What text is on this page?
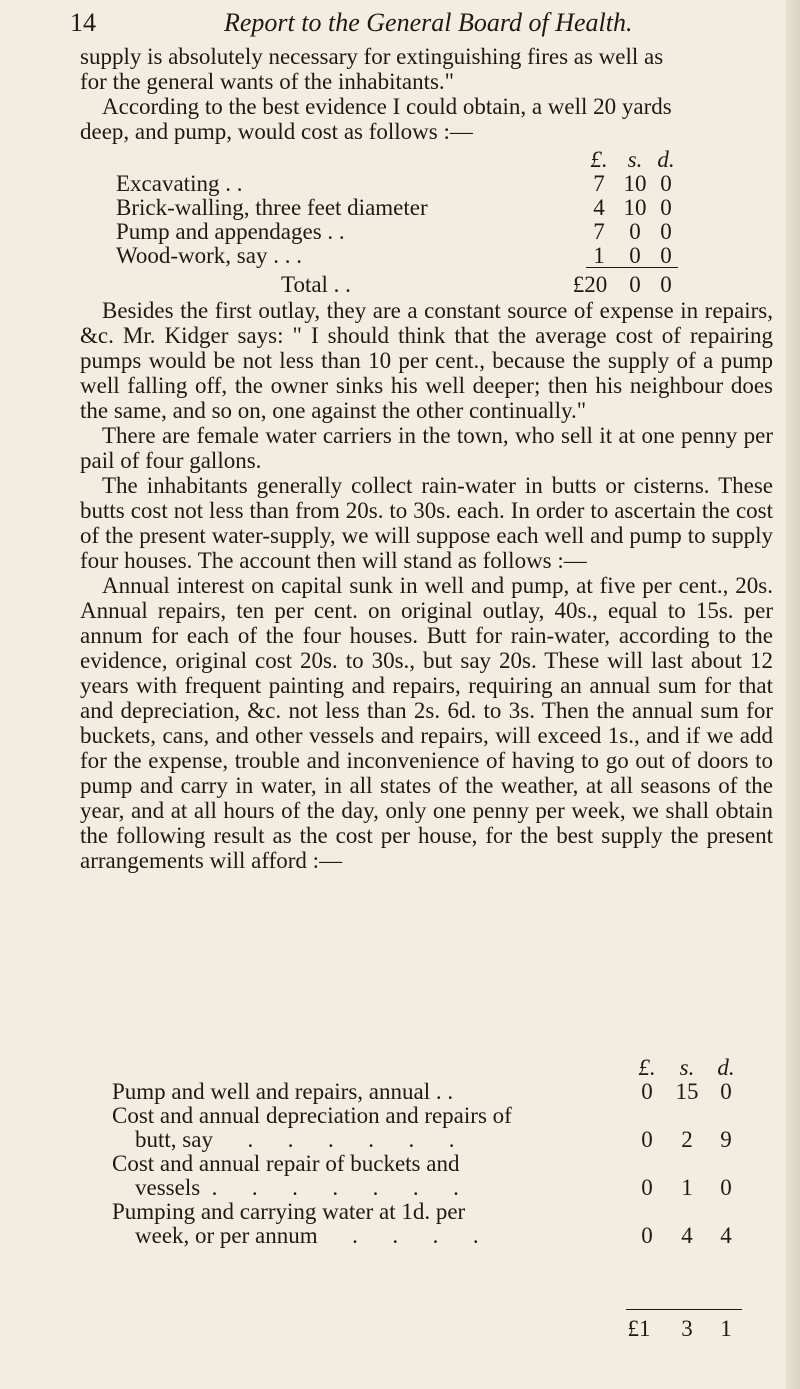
14	Report to the General Board of Health.

supply is absolutely necessary for extinguishing fires as well as

for the general wants of the inhabitants."

According to the best evidence I could obtain, a well 20 yards

deep, and pump, would cost as follows :—

£. s. d.
Excavating . .	7 10 0
Brick-walling, three feet diameter	4 10 0
Pump and appendages . .	7	0 0
Wood-work, say . . .	1	0 0
Total . .	£20 0 0

Besides the first outlay, they are a constant source of expense in repairs, &c. Mr. Kidger says: " I should think that the average cost of repairing pumps would be not less than 10 per cent., because the supply of a pump well falling off, the owner sinks his well deeper; then his neighbour does the same, and so on, one against the other continually."

There are female water carriers in the town, who sell it at one penny per pail of four gallons.

The inhabitants generally collect rain-water in butts or cisterns. These butts cost not less than from 20s. to 30s. each. In order to ascertain the cost of the present water-supply, we will suppose each well and pump to supply four houses. The account then will stand as follows :—

Annual interest on capital sunk in well and pump, at five per cent., 20s. Annual repairs, ten per cent. on original outlay, 40s., equal to 15s. per annum for each of the four houses. Butt for rain-water, according to the evidence, original cost 20s. to 30s., but say 20s. These will last about 12 years with frequent painting and repairs, requiring an annual sum for that and depreciation, &c. not less than 2s. 6d. to 3s. Then the annual sum for buckets, cans, and other vessels and repairs, will exceed 1s., and if we add for the expense, trouble and inconvenience of having to go out of doors to pump and carry in water, in all states of the weather, at all seasons of the year, and at all hours of the day, only one penny per week, we shall obtain the following result as the cost per house, for the best supply the present arrangements will afford :—

£. s. d.
Pump and well and repairs, annual . .	0 15 0
Cost and annual depreciation and repairs of
butt, say      .      .      .      .      .      .	0	2	9
Cost and annual repair of buckets and
vessels  .      .      .      .      .      .      .	0	1	0
Pumping and carrying water at 1d. per
week, or per annum      .      .      .      .	0	4	4
£1	3	1
